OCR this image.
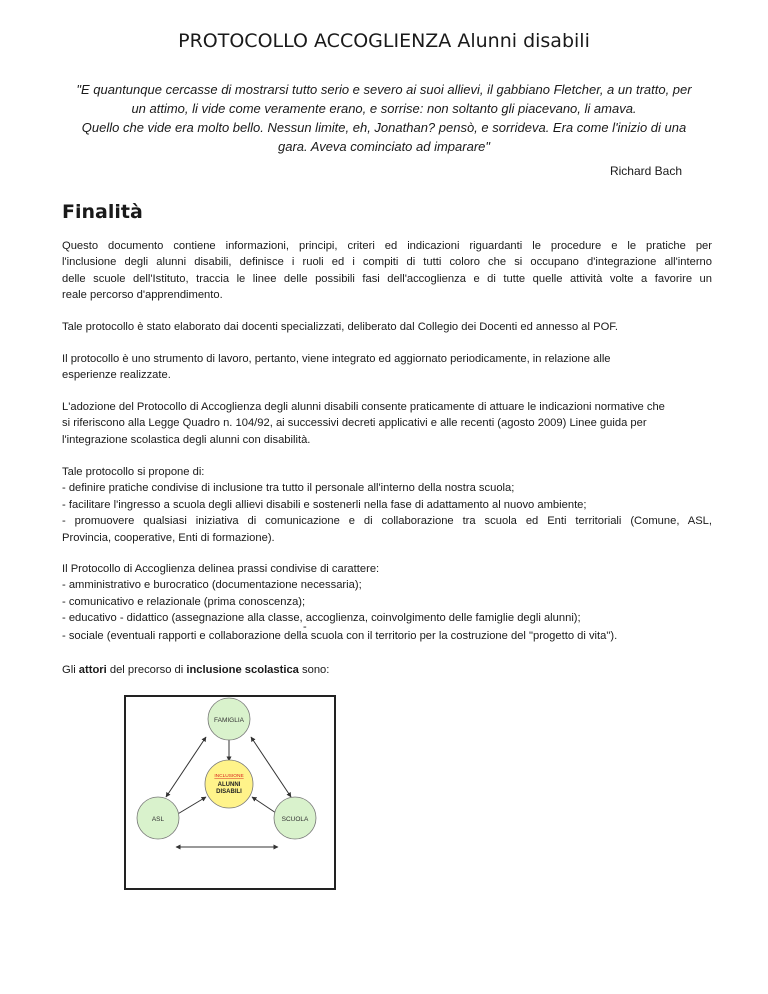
PROTOCOLLO ACCOGLIENZA Alunni disabili
"E quantunque cercasse di mostrarsi tutto serio e severo ai suoi allievi, il gabbiano Fletcher, a un tratto, per
un attimo, li vide come veramente erano, e sorrise: non soltanto gli piacevano, li amava.
Quello che vide era molto bello. Nessun limite, eh, Jonathan? pensò, e sorrideva. Era come l'inizio di una
gara. Aveva cominciato ad imparare"

Richard Bach

Finalità

Questo documento contiene informazioni, principi, criteri ed indicazioni riguardanti le procedure e le pratiche per
l'inclusione degli alunni disabili, definisce i ruoli ed i compiti di tutti coloro che si occupano d'integrazione all'interno
delle scuole dell'Istituto, traccia le linee delle possibili fasi dell'accoglienza e di tutte quelle attività volte a favorire un
reale percorso d'apprendimento.

Tale protocollo è stato elaborato dai docenti specializzati, deliberato dal Collegio dei Docenti ed annesso al POF.

Il protocollo è uno strumento di lavoro, pertanto, viene integrato ed aggiornato periodicamente, in relazione alle
esperienze realizzate.

L'adozione del Protocollo di Accoglienza degli alunni disabili consente praticamente di attuare le indicazioni normative che
si riferiscono alla Legge Quadro n. 104/92, ai successivi decreti applicativi e alle recenti (agosto 2009) Linee guida per
l'integrazione scolastica degli alunni con disabilità.

Tale protocollo si propone di:
- definire pratiche condivise di inclusione tra tutto il personale all'interno della nostra scuola;
- facilitare l'ingresso a scuola degli allievi disabili e sostenerli nella fase di adattamento al nuovo ambiente;
- promuovere qualsiasi iniziativa di comunicazione e di collaborazione tra scuola ed Enti territoriali (Comune, ASL,
Provincia, cooperative, Enti di formazione).

Il Protocollo di Accoglienza delinea prassi condivise di carattere:
- amministrativo e burocratico (documentazione necessaria);
- comunicativo e relazionale (prima conoscenza);
- educativo - didattico (assegnazione alla classe, accoglienza, coinvolgimento delle famiglie degli alunni);

-

- sociale (eventuali rapporti e collaborazione della scuola con il territorio per la costruzione del "progetto di vita").

Gli attori del precorso di inclusione scolastica sono:

FAMIGLIA
ASL	SCUOLA
INCLUSIONE
ALUNNI
DISABILI
